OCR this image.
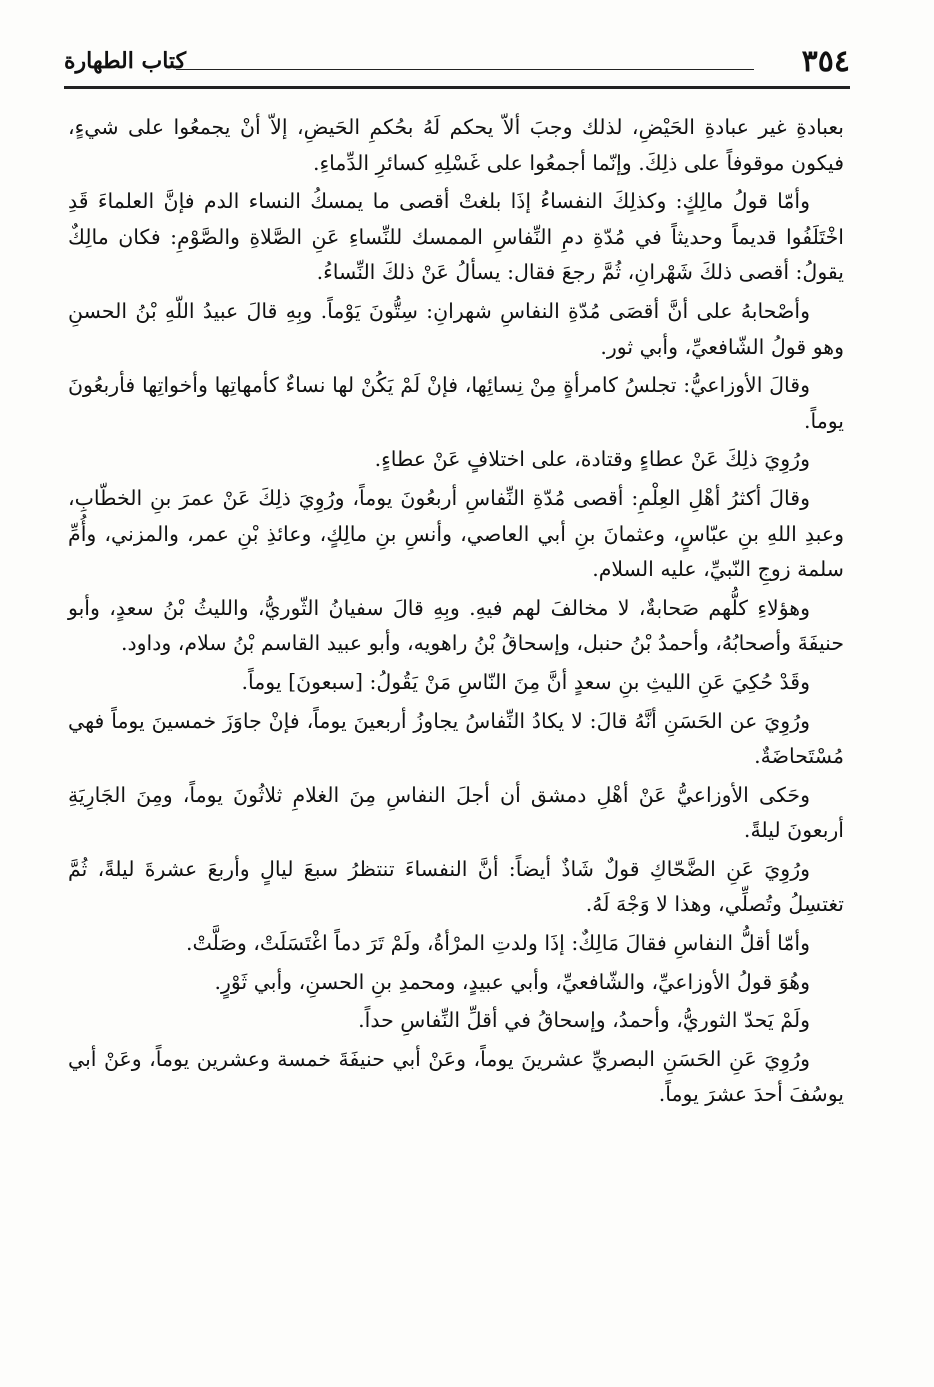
٣٥٤
كتاب الطهارة

بعبادةِ غير عبادةِ الحَيْضِ، لذلك وجبَ ألاّ يحكم لَهُ بحُكمِ الحَيضِ، إلاّ أنْ يجمعُوا على شيءٍ، فيكون موقوفاً على ذلِكَ. وإنّما أجمعُوا على غَسْلِهِ كسائرِ الدِّماءِ.

وأمّا قولُ مالِكٍ: وكذلِكَ النفساءُ إذَا بلغتْ أقصى ما يمسكُ النساء الدم فإنَّ العلماءَ قَدِ اخْتَلَفُوا قديماً وحديثاً في مُدّةِ دمِ النِّفاسِ الممسك للنِّساءِ عَنِ الصَّلاةِ والصَّوْمِ: فكان مالِكٌ يقولُ: أقصى ذلكَ شَهْرانِ، ثُمَّ رجعَ فقال: يسألُ عَنْ ذلكَ النِّساءُ.

وأصْحابهُ على أنَّ أقصَى مُدّةِ النفاسِ شهرانِ: سِتُّونَ يَوْماً. وبِهِ قالَ عبيدُ اللّهِ بْنُ الحسنِ وهو قولُ الشّافعيِّ، وأبي ثور.

وقالَ الأوزاعيُّ: تجلسُ كامرأةٍ مِنْ نِسائِها، فإنْ لَمْ يَكُنْ لها نساءٌ كأمهاتِها وأخواتِها فأربعُونَ يوماً.

ورُوِيَ ذلِكَ عَنْ عطاءٍ وقتادة، على اختلافٍ عَنْ عطاءٍ.

وقالَ أكثرُ أهْلِ العِلْمِ: أقصى مُدّةِ النِّفاسِ أربعُونَ يوماً، ورُوِيَ ذلِكَ عَنْ عمرَ بنِ الخطّابِ، وعبدِ اللهِ بنِ عبّاسٍ، وعثمانَ بنِ أبي العاصي، وأنسِ بنِ مالِكٍ، وعائذِ بْنِ عمر، والمزني، وأُمِّ سلمة زوجِ النّبيِّ، عليه السلام.

وهؤلاءِ كلُّهم صَحابةٌ، لا مخالفَ لهم فيهِ. وبِهِ قالَ سفيانُ الثّوريُّ، والليثُ بْنُ سعدٍ، وأبو حنيفَةَ وأصحابُهُ، وأحمدُ بْنُ حنبل، وإسحاقُ بْنُ راهويه، وأبو عبيد القاسم بْنُ سلام، وداود.

وقَدْ حُكِيَ عَنِ الليثِ بنِ سعدٍ أنَّ مِنَ النّاسِ مَنْ يَقُولُ: [سبعونَ] يوماً.

ورُوِيَ عن الحَسَنِ أنَّهُ قالَ: لا يكادُ النِّفاسُ يجاوزُ أربعينَ يوماً، فإنْ جاوَزَ خمسينَ يوماً فهي مُسْتَحاضَةٌ.

وحَكى الأوزاعيُّ عَنْ أهْلِ دمشق أن أجلَ النفاسِ مِنَ الغلامِ ثلاثُونَ يوماً، ومِنَ الجَارِيَةِ أربعونَ ليلةً.

ورُوِيَ عَنِ الضَّحّاكِ قولٌ شَاذٌ أيضاً: أنَّ النفساءَ تنتظرُ سبعَ ليالٍ وأربعَ عشرةَ ليلةً، ثُمَّ تغتسِلُ وتُصلِّي، وهذا لا وَجْهَ لَهُ.

وأمّا أقلُّ النفاسِ فقالَ مَالِكٌ: إذَا ولدتِ المرْأةُ، ولَمْ تَرَ دماً اغْتَسَلَتْ، وصَلَّتْ.

وهُوَ قولُ الأوزاعيِّ، والشّافعيِّ، وأبي عبيدٍ، ومحمدِ بنِ الحسنِ، وأبي ثَوْرٍ.

ولَمْ يَحدّ الثوريُّ، وأحمدُ، وإسحاقُ في أقلِّ النِّفاسِ حداً.

ورُوِيَ عَنِ الحَسَنِ البصريِّ عشرينَ يوماً، وعَنْ أبي حنيفَةَ خمسة وعشرين يوماً، وعَنْ أبي يوسُفَ أحدَ عشرَ يوماً.
